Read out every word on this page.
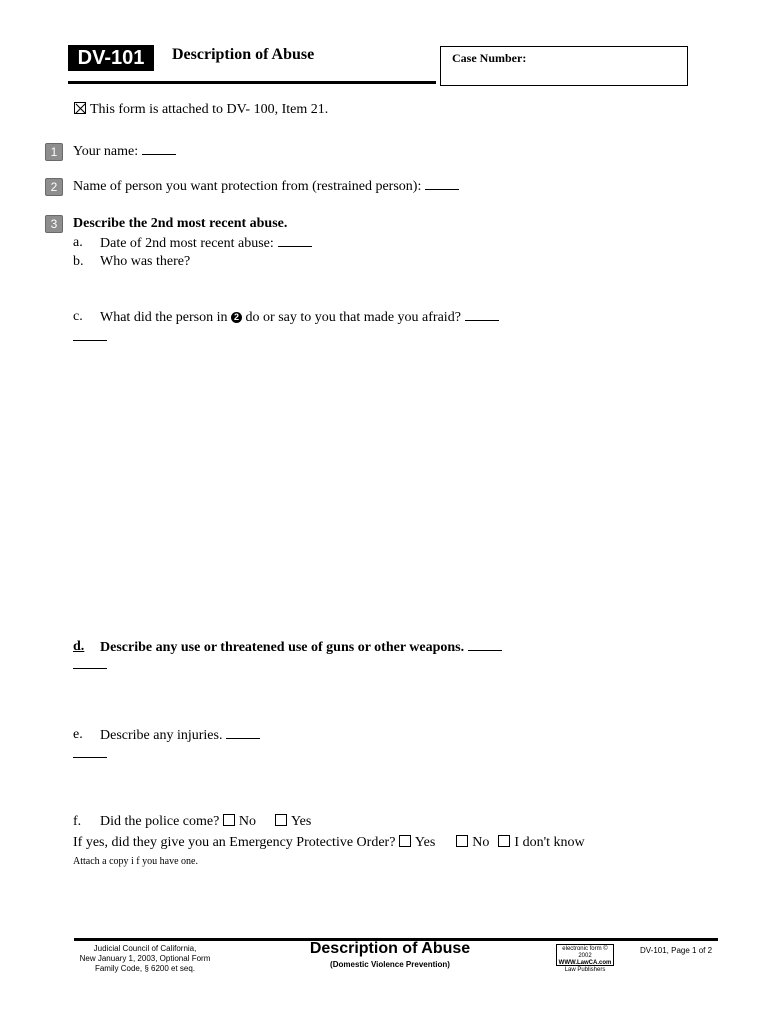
DV-101	Description of Abuse	Case Number:
This form is attached to DV- 100, Item 21.
1	Your name:
2	Name of person you want protection from (restrained person):
3	Describe the 2nd most recent abuse.
a. Date of 2nd most recent abuse:
b. Who was there?
c. What did the person in 2 do or say to you that made you afraid?
d. Describe any use or threatened use of guns or other weapons.
e. Describe any injuries.
f. Did the police come? No	Yes
If yes, did they give you an Emergency Protective Order? Yes	No I don't know
Attach a copy i f you have one.
Judicial Council of California,
New January 1, 2003, Optional Form
Family Code, § 6200 et seq.
Description of Abuse
(Domestic Violence Prevention)
electronic form © 2002
WWW.LawCA.com
Law Publishers
DV-101, Page 1 of 2
